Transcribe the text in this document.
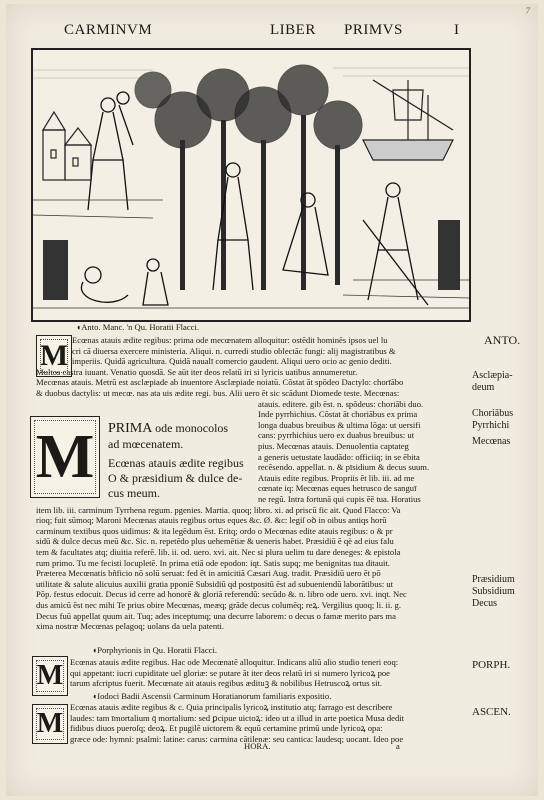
7
CARMINVM	LIBER PRIMVS	I
◖Anto. Manc. 'n Qu. Horatii Flacci.
M
M
M
M
Ecœnas atauis ædite regibus: prima ode mecœnatem alloquitur: ostēdit hominēs ipsos uel lu
cri cā diuersa exercere ministeria. Aliqui. n. curredi studio oblectāc fungi: alij magistratibus &
imperiis. Quidā agricultura. Quidā naualī comercio gaudent. Aliqui uero ocio ac genio dediti.
Multos castra iuuant. Venatio quosdā. Se aūt iter deos relatū iri si lyricis uatibus annumeretur.
Mecœnas atauis. Metrū est asclæpiade ab inuentore Asclæpiade noiatū. Cōstat āt spōdeo Dactylo: chorīābo
& duobus dactylis: ut mecœ. nas ata uis ædite regi. bus. Alii uero ēt sic scādunt Diomede teste. Mecœnas:
atauis. editere. gib ēst. n. spōdeus: choriābi duo.
Inde pyrrhichius. Cōstat āt choriābus ex prima
longa duabus breuibus & ultima lōga: ut uersifi
cans: pyrrhichius uero ex duabus breuibus: ut
pius. Mecœnas atauis. Denuolentia captateg
a generis uetustate laudādo: officiiq; in se ēbita
recēsendo. appellat. n. & pīsidium & decus suum.
Atauis edite regibus. Propriis ēt lib. iii. ad me
cœnate iq: Mecœnas eques hetrusco de sanguī
ne regū. Intra fortunā qui cupis ēē tua. Horatius
item lib. iii. carminum Tyrrhena regum. pgenies. Martia. quoq; libro. xi. ad priscū fic ait. Quod Flacco: Va
rioq; fuit sūmoq; Maroni Mecœnas atauis regibus ortus eques &c. Ø. &c: legiſ oꝺ in oibus antiqs horū
carminum textibus quos uidimus: & ita legēdum ēst. Eritq; ordo o Mecœnas edite atauis regibus: o & pr
sidū & dulce decus meū &c. Sic. n. repetēdo plus uehemētiæ & ueneris habet. Præsidiū ē qè ad eius falu
tem & facultates atq; diuitia referē. lib. ii. od. uero. xvi. ait. Nec si plura uelim tu dare deneges: & epistola
rum primo. Tu me fecisti locupletē. In prima etiā ode epodon: iqt. Satis supq; me benignitas tua ditauit.
Præterea Mecœnatis bñficio nō solū seruat: fed ēt in amicitiā Cæsari Aug. tradit. Præsidiū uero ēt pō
utilitate & salute alicuius auxilii gratia pponiē Subsidiū qd postpositū ēst ad subueniendū laborātibus: ut
Pōp. festus edocuit. Decus id cerre ad honorē & gloriā referendū: secūdo &. n. libro ode uero. xvi. inqt. Nec
dus amicū ēst nec mihi Te prius obire Mecœnas, meæq; grāde decus columēq; reꝝ. Vergilius quoq; li. ii. g.
Decus fuū appellat quum ait. Tuq; ades inceptumq; una decurre laborem: o decus o famæ merito pars ma
xima nostræ Mecœnas pelagoq; uolans da uela patenti.
PRIMA ode monocolos
ad mœcenatem.
Ecœnas atauis ædite regibus
O & præsidium & dulce de-
cus meum.
◖Porphyrionis in Qu. Horatii Flacci.
Ecœnas atauis ædite regibus. Hac ode Mecœnatē alloquitur. Indicans aliū alio studio teneri eoq:
qui appetant: iucri cupiditate uel gloriæ: se putare āt iter deos relatū iri si numero lyricoꝝ poe
tarum afcriptus fuerit. Mecœnate ait atauis regibus ædituꝫ & nobilibus Hetruscoꝝ ortus sit.
◖Iodoci Badii Ascensii Carminum Horatianorum familiaris expositio.
Ecœnas atauis ædite regibus & c. Quia principalis lyricoꝝ institutio atq; farrago est describere
laudes: tam īmortalium q̄ mortalium: sed ꝑcipue uictoꝝ: ideo ut a illud in arte poetica Musa dedit
fidibus diuos pueroſq; deoꝝ. Et pugilē uictorem & equū certamine primū unde lyricoꝝ opa:
græce ode: hymni: psalmi: latine: carus: carmina cātilenæ: seu cantica: laudesq; uocant. Ideo poe
HORA.	a
ANTO.
Asclæpia-
deum
Choriābus
Pyrrhichi
Mecœnas
Præsidium
Subsidium
Decus
PORPH.
ASCEN.
